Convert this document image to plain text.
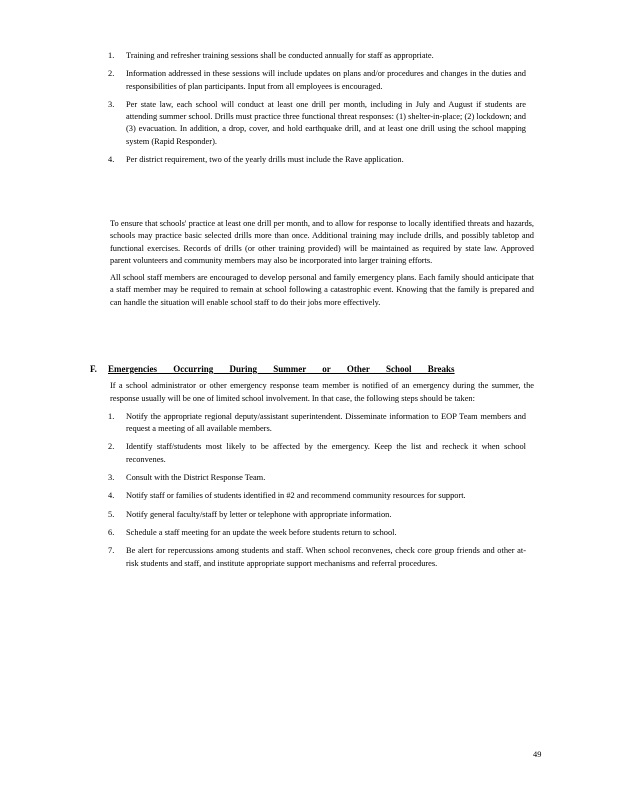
1. Training and refresher training sessions shall be conducted annually for staff as appropriate.
2. Information addressed in these sessions will include updates on plans and/or procedures and changes in the duties and responsibilities of plan participants. Input from all employees is encouraged.
3. Per state law, each school will conduct at least one drill per month, including in July and August if students are attending summer school. Drills must practice three functional threat responses: (1) shelter-in-place; (2) lockdown; and (3) evacuation. In addition, a drop, cover, and hold earthquake drill, and at least one drill using the school mapping system (Rapid Responder).
4. Per district requirement, two of the yearly drills must include the Rave application.

To ensure that schools' practice at least one drill per month, and to allow for response to locally identified threats and hazards, schools may practice basic selected drills more than once. Additional training may include drills, and possibly tabletop and functional exercises. Records of drills (or other training provided) will be maintained as required by state law. Approved parent volunteers and community members may also be incorporated into larger training efforts.

All school staff members are encouraged to develop personal and family emergency plans. Each family should anticipate that a staff member may be required to remain at school following a catastrophic event. Knowing that the family is prepared and can handle the situation will enable school staff to do their jobs more effectively.

F. Emergencies Occurring During Summer or Other School Breaks

If a school administrator or other emergency response team member is notified of an emergency during the summer, the response usually will be one of limited school involvement. In that case, the following steps should be taken:

1. Notify the appropriate regional deputy/assistant superintendent. Disseminate information to EOP Team members and request a meeting of all available members.
2. Identify staff/students most likely to be affected by the emergency. Keep the list and recheck it when school reconvenes.
3. Consult with the District Response Team.
4. Notify staff or families of students identified in #2 and recommend community resources for support.
5. Notify general faculty/staff by letter or telephone with appropriate information.
6. Schedule a staff meeting for an update the week before students return to school.
7. Be alert for repercussions among students and staff. When school reconvenes, check core group friends and other at-risk students and staff, and institute appropriate support mechanisms and referral procedures.
49
